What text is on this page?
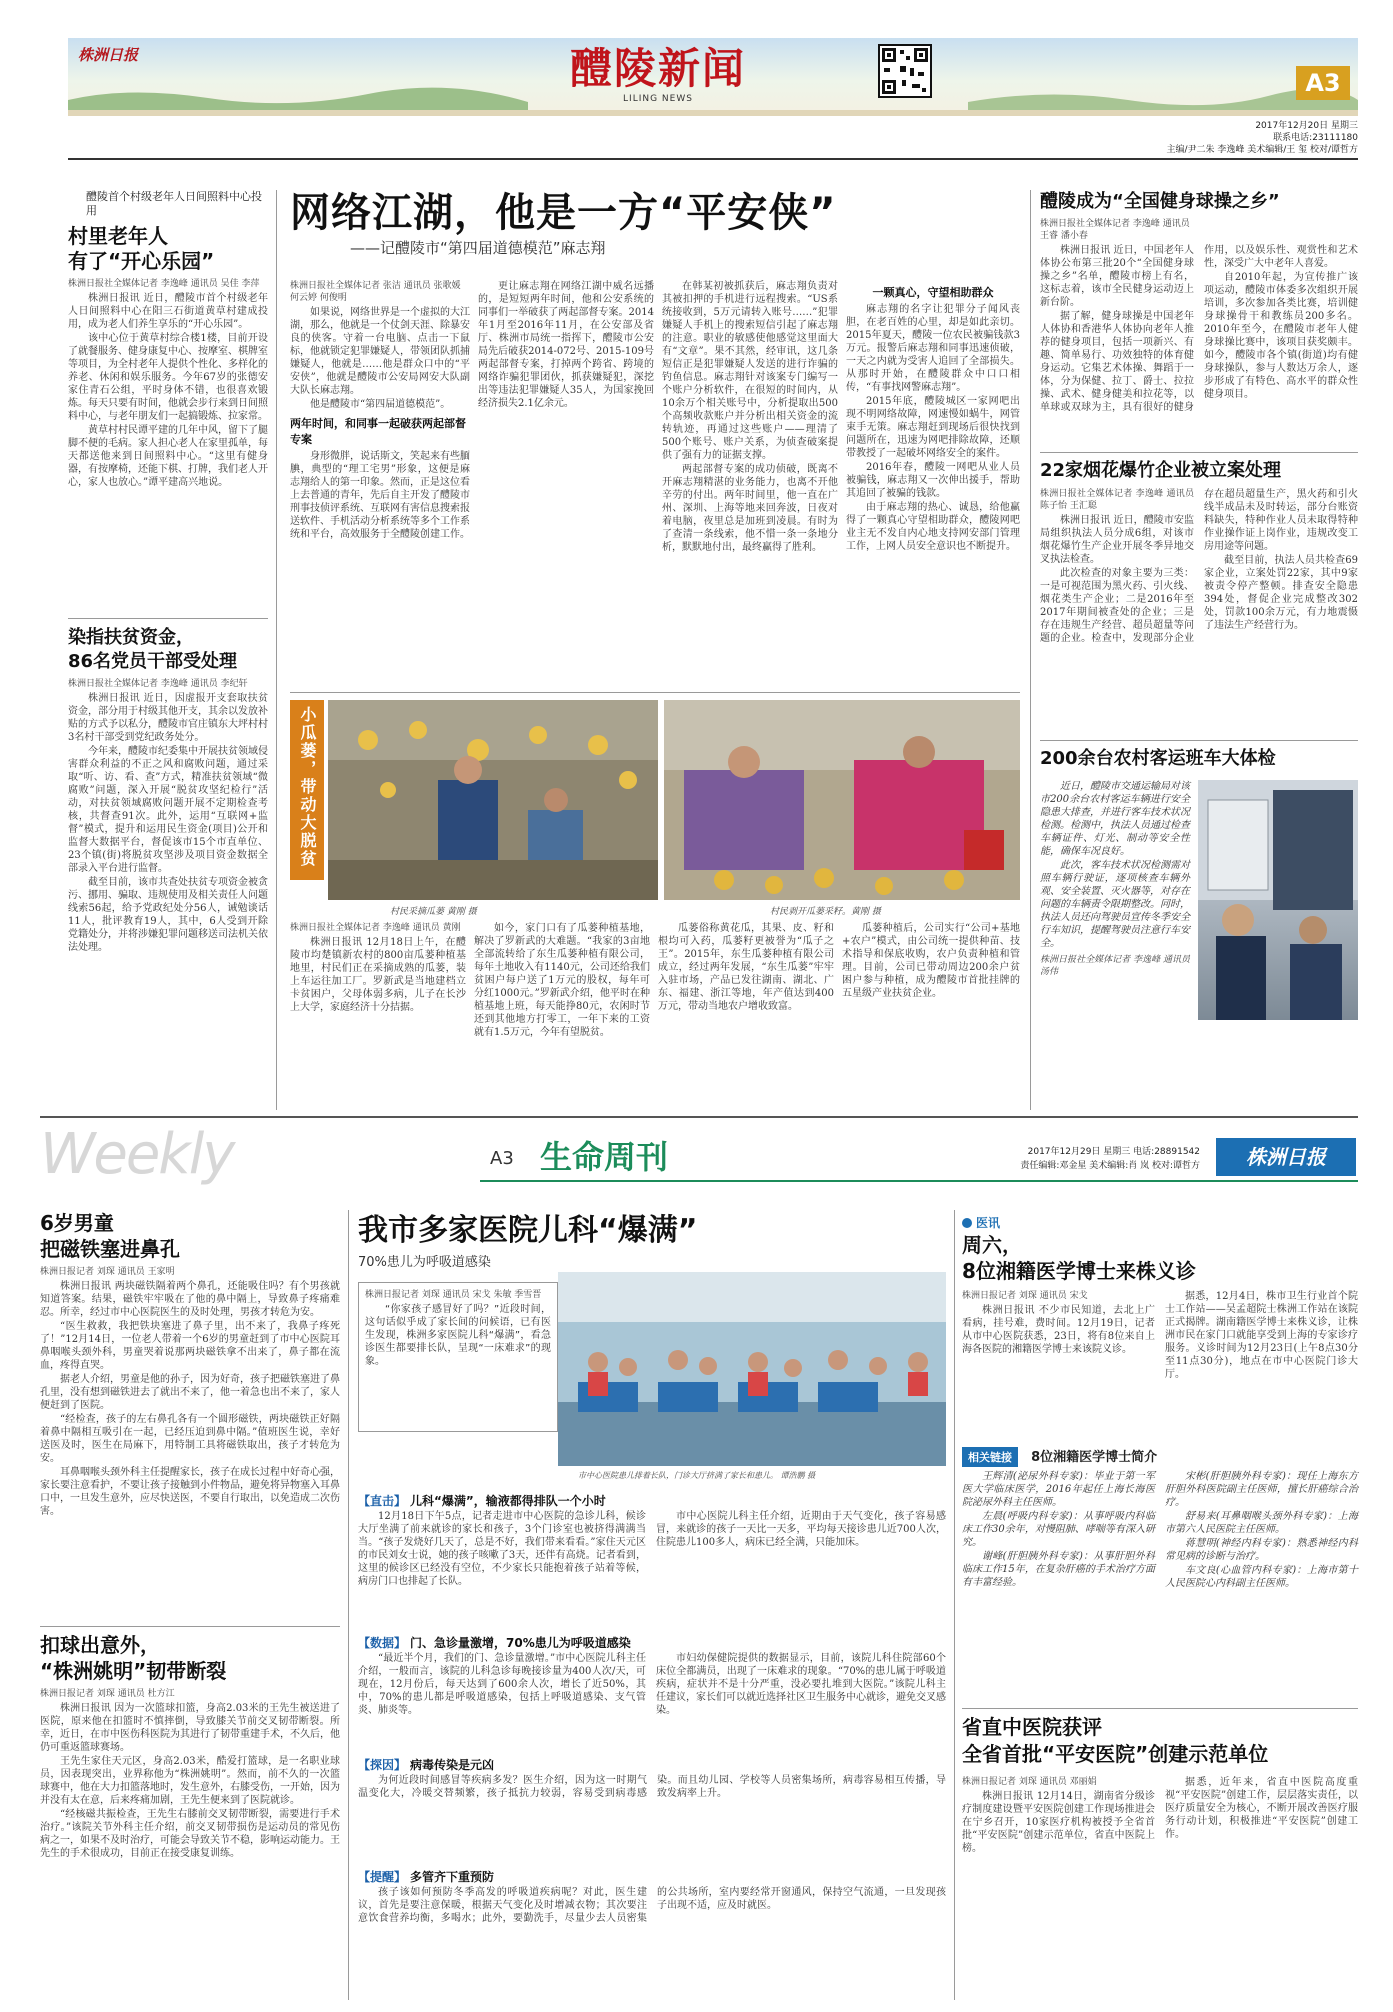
株洲日报	醴陵新闻
LILING NEWS
A3
2017年12月20日 星期三
联系电话:23111180
主编/尹二朱 李逸峰 美术编辑/王 玺 校对/谭哲方
醴陵首个村级老年人日间照料中心投用
村里老年人
有了“开心乐园”
株洲日报社全媒体记者 李逸峰 通讯员 吴佳 李萍

株洲日报讯 近日，醴陵市首个村级老年人日间照料中心在阳三石街道黄草村建成投用，成为老人们养生享乐的“开心乐园”。

该中心位于黄草村综合楼1楼，目前开设了就餐服务、健身康复中心、按摩室、棋牌室等项目，为全村老年人提供个性化、多样化的养老、休闲和娱乐服务。今年67岁的张德安家住青石公组，平时身体不错，也很喜欢锻炼。每天只要有时间，他就会步行来到日间照料中心，与老年朋友们一起搞锻炼、拉家常。

黄草村村民谭平建的几年中风，留下了腿脚不便的毛病。家人担心老人在家里孤单，每天都送他来到日间照料中心。“这里有健身器，有按摩椅，还能下棋、打牌，我们老人开心，家人也放心。”谭平建高兴地说。

染指扶贫资金，
86名党员干部受处理
株洲日报社全媒体记者 李逸峰 通讯员 李纪轩

株洲日报讯 近日，因虚报开支套取扶贫资金，部分用于村级其他开支，其余以发放补贴的方式予以私分，醴陵市官庄镇东大坪村村3名村干部受到党纪政务处分。

今年来，醴陵市纪委集中开展扶贫领域侵害群众利益的不正之风和腐败问题，通过采取“听、访、看、查”方式，精准扶贫领域“微腐败”问题，深入开展“脱贫攻坚纪检行”活动，对扶贫领域腐败问题开展不定期检查考核，共督查91次。此外，运用“互联网+监督”模式，提升和运用民生资金(项目)公开和监督大数据平台，督促该市15个市直单位、23个镇(街)将脱贫攻坚涉及项目资金数据全部录入平台进行监督。

截至目前，该市共查处扶贫专项资金被贪污、挪用、骗取、违规使用及相关责任人问题线索56起，给予党政纪处分56人，诫勉谈话11人，批评教育19人，其中，6人受到开除党籍处分，并将涉嫌犯罪问题移送司法机关依法处理。

网络江湖，他是一方“平安侠”
——记醴陵市“第四届道德模范”麻志翔
株洲日报社全媒体记者 张洁 通讯员 张歌媛 何云婷 何俊明

如果说，网络世界是一个虚拟的大江湖，那么，他就是一个仗剑天涯、除暴安良的侠客。守着一台电脑、点击一下鼠标，他就锁定犯罪嫌疑人，带领团队抓捕嫌疑人，他就是……他是群众口中的“平安侠”，他就是醴陵市公安局网安大队副大队长麻志翔。

他是醴陵市“第四届道德模范”。

两年时间，和同事一起破获两起部督专案

身形微胖，说话斯文，笑起来有些腼腆，典型的“理工宅男”形象，这便是麻志翔给人的第一印象。然而，正是这位看上去普通的青年，先后自主开发了醴陵市刑事技侦评系统、互联网有害信息搜索报送软件、手机活动分析系统等多个工作系统和平台，高效服务于全醴陵创建工作。

更让麻志翔在网络江湖中威名远播的，是短短两年时间，他和公安系统的同事们一举破获了两起部督专案。2014年1月至2016年11月，在公安部及省厅、株洲市局统一指挥下，醴陵市公安局先后破获2014-072号、2015-109号两起部督专案，打掉两个跨省、跨境的网络诈骗犯罪团伙，抓获嫌疑犯，深挖出等违法犯罪嫌疑人35人，为国家挽回经济损失2.1亿余元。

在韩某初被抓获后，麻志翔负责对其被扣押的手机进行远程搜索。“US系统接收到，5万元请转入账号……”犯罪嫌疑人手机上的搜索短信引起了麻志翔的注意。职业的敏感使他感觉这里面大有“文章”。果不其然，经审讯，这几条短信正是犯罪嫌疑人发送的进行诈骗的钓鱼信息。麻志翔针对该案专门编写一个账户分析软件，在很短的时间内，从10余万个相关账号中，分析提取出500个高频收款账户并分析出相关资金的流转轨迹，再通过这些账户——理清了500个账号、账户关系，为侦查破案提供了强有力的证据支撑。

两起部督专案的成功侦破，既离不开麻志翔精湛的业务能力，也离不开他辛劳的付出。两年时间里，他一直在广州、深圳、上海等地来回奔波，日夜对着电脑，夜里总是加班到凌晨。有时为了查清一条线索，他不惜一条一条地分析，默默地付出，最终赢得了胜利。

一颗真心，守望相助群众

麻志翔的名字让犯罪分子闻风丧胆，在老百姓的心里，却是如此亲切。2015年夏天，醴陵一位农民被骗钱款3万元。报警后麻志翔和同事迅速侦破，一天之内就为受害人追回了全部损失。从那时开始，在醴陵群众中口口相传，“有事找网警麻志翔”。

2015年底，醴陵城区一家网吧出现不明网络故障，网速慢如蜗牛，网管束手无策。麻志翔赶到现场后很快找到问题所在，迅速为网吧排除故障，还顺带教授了一起破坏网络安全的案件。

2016年春，醴陵一网吧从业人员被骗钱，麻志翔又一次伸出援手，帮助其追回了被骗的钱款。

由于麻志翔的热心、诚恳，给他赢得了一颗真心守望相助群众，醴陵网吧业主无不发自内心地支持网安部门管理工作，上网人员安全意识也不断提升。

醴陵成为“全国健身球操之乡”
株洲日报社全媒体记者 李逸峰 通讯员 王睿 潘小春

株洲日报讯 近日，中国老年人体协公布第三批20个“全国健身球操之乡”名单，醴陵市榜上有名，这标志着，该市全民健身运动迈上新台阶。

据了解，健身球操是中国老年人体协和香港华人体协向老年人推荐的健身项目，包括一项新兴、有趣、简单易行、功效独特的体育健身运动。它集艺术体操、舞蹈于一体，分为保健、拉丁、爵士、拉拉操、武术、健身健美和拉花等，以单球或双球为主，具有很好的健身作用，以及娱乐性、观赏性和艺术性，深受广大中老年人喜爱。

自2010年起，为宣传推广该项运动，醴陵市体委多次组织开展培训，多次参加各类比赛，培训健身球操骨干和教练员200多名。2010年至今，在醴陵市老年人健身球操比赛中，该项目获奖颇丰。如今，醴陵市各个镇(街道)均有健身球操队，参与人数达万余人，逐步形成了有特色、高水平的群众性健身项目。

22家烟花爆竹企业被立案处理
株洲日报社全媒体记者 李逸峰 通讯员 陈子怡 王汇聪

株洲日报讯 近日，醴陵市安监局组织执法人员分成6组，对该市烟花爆竹生产企业开展冬季异地交叉执法检查。

此次检查的对象主要为三类：一是可视范围为黑火药、引火线、烟花类生产企业；二是2016年至2017年期间被查处的企业；三是存在违规生产经营、超员超量等问题的企业。检查中，发现部分企业存在超员超量生产，黑火药和引火线半成品未及时转运，部分台账资料缺失，特种作业人员未取得特种作业操作证上岗作业，违规改变工房用途等问题。

截至目前，执法人员共检查69家企业，立案处罚22家，其中9家被责令停产整顿。排查安全隐患394处，督促企业完成整改302处，罚款100余万元，有力地震慑了违法生产经营行为。

200余台农村客运班车大体检

近日，醴陵市交通运输局对该市200余台农村客运车辆进行安全隐患大排查，并进行客车技术状况检测。检测中，执法人员通过检查车辆证件、灯光、制动等安全性能，确保车况良好。

此次，客车技术状况检测需对照车辆行驶证，逐项核查车辆外观、安全装置、灭火器等，对存在问题的车辆责令限期整改。同时，执法人员还向驾驶员宣传冬季安全行车知识，提醒驾驶员注意行车安全。

株洲日报社全媒体记者 李逸峰 通讯员 汤伟
小瓜蒌，带动大脱贫
村民采摘瓜蒌 黄刚 摄	村民剥开瓜蒌采籽。黄刚 摄
株洲日报社全媒体记者 李逸峰 通讯员 黄刚

株洲日报讯 12月18日上午，在醴陵市均楚镇新农村的800亩瓜蒌种植基地里，村民们正在采摘成熟的瓜蒌，装上车运往加工厂。罗新武是当地建档立卡贫困户，父母体弱多病，儿子在长沙上大学，家庭经济十分拮据。

如今，家门口有了瓜蒌种植基地，解决了罗新武的大难题。“我家的3亩地全部流转给了东生瓜蒌种植有限公司，每年土地收入有1140元，公司还给我们贫困户每户送了1万元的股权，每年可分红1000元。”罗新武介绍，他平时在种植基地上班，每天能挣80元，农闲时节还到其他地方打零工，一年下来的工资就有1.5万元，今年有望脱贫。

瓜蒌俗称黄花瓜，其果、皮、籽和根均可入药，瓜蒌籽更被誉为“瓜子之王”。2015年，东生瓜蒌种植有限公司成立，经过两年发展，“东生瓜蒌”牢牢入驻市场，产品已发往湖南、湖北、广东、福建、浙江等地，年产值达到400万元，带动当地农户增收致富。

瓜蒌种植后，公司实行“公司+基地+农户”模式，由公司统一提供种苗、技术指导和保底收购，农户负责种植和管理。目前，公司已带动周边200余户贫困户参与种植，成为醴陵市首批挂牌的五星级产业扶贫企业。

Weekly	A3 生命周刊	2017年12月29日 星期三 电话:28891542
责任编辑:邓金星 美术编辑:肖 岚 校对:谭哲方	株洲日报
6岁男童
把磁铁塞进鼻孔
株洲日报记者 刘琛 通讯员 王家明

株洲日报讯 两块磁铁隔着两个鼻孔，还能吸住吗？有个男孩就知道答案。结果，磁铁牢牢吸在了他的鼻中隔上，导致鼻子疼痛难忍。所幸，经过市中心医院医生的及时处理，男孩才转危为安。

“医生救救，我把铁块塞进了鼻子里，出不来了，我鼻子疼死了！”12月14日，一位老人带着一个6岁的男童赶到了市中心医院耳鼻咽喉头颈外科，男童哭着说那两块磁铁拿不出来了，鼻子都在流血，疼得直哭。

据老人介绍，男童是他的孙子，因为好奇，孩子把磁铁塞进了鼻孔里，没有想到磁铁进去了就出不来了，他一着急也出不来了，家人便赶到了医院。

“经检查，孩子的左右鼻孔各有一个圆形磁铁，两块磁铁正好隔着鼻中隔相互吸引在一起，已经压迫到鼻中隔。”值班医生说，幸好送医及时，医生在局麻下，用特制工具将磁铁取出，孩子才转危为安。

耳鼻咽喉头颈外科主任提醒家长，孩子在成长过程中好奇心强，家长要注意看护，不要让孩子接触到小件物品，避免将异物塞入耳鼻口中，一旦发生意外，应尽快送医，不要自行取出，以免造成二次伤害。

扣球出意外，
“株洲姚明”韧带断裂
株洲日报记者 刘琛 通讯员 杜方江

株洲日报讯 因为一次篮球扣篮，身高2.03米的王先生被送进了医院，原来他在扣篮时不慎摔倒，导致膝关节前交叉韧带断裂。所幸，近日，在市中医伤科医院为其进行了韧带重建手术，不久后，他仍可重返篮球赛场。

王先生家住天元区，身高2.03米，酷爱打篮球，是一名职业球员，因表现突出，业界称他为“株洲姚明”。然而，前不久的一次篮球赛中，他在大力扣篮落地时，发生意外，右膝受伤，一开始，因为并没有太在意，后来疼痛加剧，王先生便来到了医院就诊。

“经核磁共振检查，王先生右膝前交叉韧带断裂，需要进行手术治疗。”该院关节外科主任介绍，前交叉韧带损伤是运动员的常见伤病之一，如果不及时治疗，可能会导致关节不稳，影响运动能力。王先生的手术很成功，目前正在接受康复训练。

我市多家医院儿科“爆满”
70%患儿为呼吸道感染
株洲日报记者 刘琛 通讯员 宋戈 朱敏 季雪晋

“你家孩子感冒好了吗？”近段时间，这句话似乎成了家长间的问候语，已有医生发现，株洲多家医院儿科“爆满”，看急诊医生都要排长队，呈现“一床难求”的现象。

市中心医院患儿排着长队，门诊大厅挤满了家长和患儿。 谭浩鹏 摄
【直击】 儿科“爆满”，输液都得排队一个小时

12月18日下午5点，记者走进市中心医院的急诊儿科，候诊大厅坐满了前来就诊的家长和孩子，3个门诊室也被挤得满满当当。“孩子发烧好几天了，总是不好，我们带来看看。”家住天元区的市民刘女士说，她的孩子咳嗽了3天，还伴有高烧。记者看到，这里的候诊区已经没有空位，不少家长只能抱着孩子站着等候，病房门口也排起了长队。

市中心医院儿科主任介绍，近期由于天气变化，孩子容易感冒，来就诊的孩子一天比一天多，平均每天接诊患儿近700人次，住院患儿100多人，病床已经全满，只能加床。

【数据】 门、急诊量激增，70%患儿为呼吸道感染

“最近半个月，我们的门、急诊量激增。”市中心医院儿科主任介绍，一般而言，该院的儿科急诊每晚接诊量为400人次/天，可现在，12月份后，每天达到了600余人次，增长了近50%，其中，70%的患儿都是呼吸道感染，包括上呼吸道感染、支气管炎、肺炎等。

市妇幼保健院提供的数据显示，目前，该院儿科住院部60个床位全都满员，出现了一床难求的现象。“70%的患儿属于呼吸道疾病，症状并不是十分严重，没必要扎堆到大医院。”该院儿科主任建议，家长们可以就近选择社区卫生服务中心就诊，避免交叉感染。

【探因】 病毒传染是元凶

为何近段时间感冒等疾病多发？医生介绍，因为这一时期气温变化大，冷暖交替频繁，孩子抵抗力较弱，容易受到病毒感染。而且幼儿园、学校等人员密集场所，病毒容易相互传播，导致发病率上升。

【提醒】 多管齐下重预防

孩子该如何预防冬季高发的呼吸道疾病呢？对此，医生建议，首先是要注意保暖，根据天气变化及时增减衣物；其次要注意饮食营养均衡，多喝水；此外，要勤洗手，尽量少去人员密集的公共场所，室内要经常开窗通风，保持空气流通，一旦发现孩子出现不适，应及时就医。

医讯
周六，
8位湘籍医学博士来株义诊
株洲日报记者 刘琛 通讯员 宋戈

株洲日报讯 不少市民知道，去北上广看病，挂号难，费时间。12月19日，记者从市中心医院获悉，23日，将有8位来自上海各医院的湘籍医学博士来该院义诊。

据悉，12月4日，株市卫生行业首个院士工作站——吴孟超院士株洲工作站在该院正式揭牌。湖南籍医学博士来株义诊，让株洲市民在家门口就能享受到上海的专家诊疗服务。义诊时间为12月23日(上午8点30分至11点30分)，地点在市中心医院门诊大厅。

相关链接 8位湘籍医学博士简介

王辉清(泌尿外科专家)：毕业于第一军医大学临床医学，2016年起任上海长海医院泌尿外科主任医师。

左晨(呼吸内科专家)：从事呼吸内科临床工作30余年，对慢阻肺、哮喘等有深入研究。

谢峰(肝胆胰外科专家)：从事肝胆外科临床工作15年，在复杂肝癌的手术治疗方面有丰富经验。

宋彬(肝胆胰外科专家)：现任上海东方肝胆外科医院副主任医师，擅长肝癌综合治疗。

舒易来(耳鼻咽喉头颈外科专家)：上海市第六人民医院主任医师。

蒋慧明(神经内科专家)：熟悉神经内科常见病的诊断与治疗。

车文良(心血管内科专家)：上海市第十人民医院心内科副主任医师。

省直中医院获评
全省首批“平安医院”创建示范单位
株洲日报记者 刘琛 通讯员 邓丽娟

株洲日报讯 12月14日，湖南省分级诊疗制度建设暨平安医院创建工作现场推进会在宁乡召开，10家医疗机构被授予全省首批“平安医院”创建示范单位，省直中医院上榜。

据悉，近年来，省直中医院高度重视“平安医院”创建工作，层层落实责任，以医疗质量安全为核心，不断开展改善医疗服务行动计划，积极推进“平安医院”创建工作。
